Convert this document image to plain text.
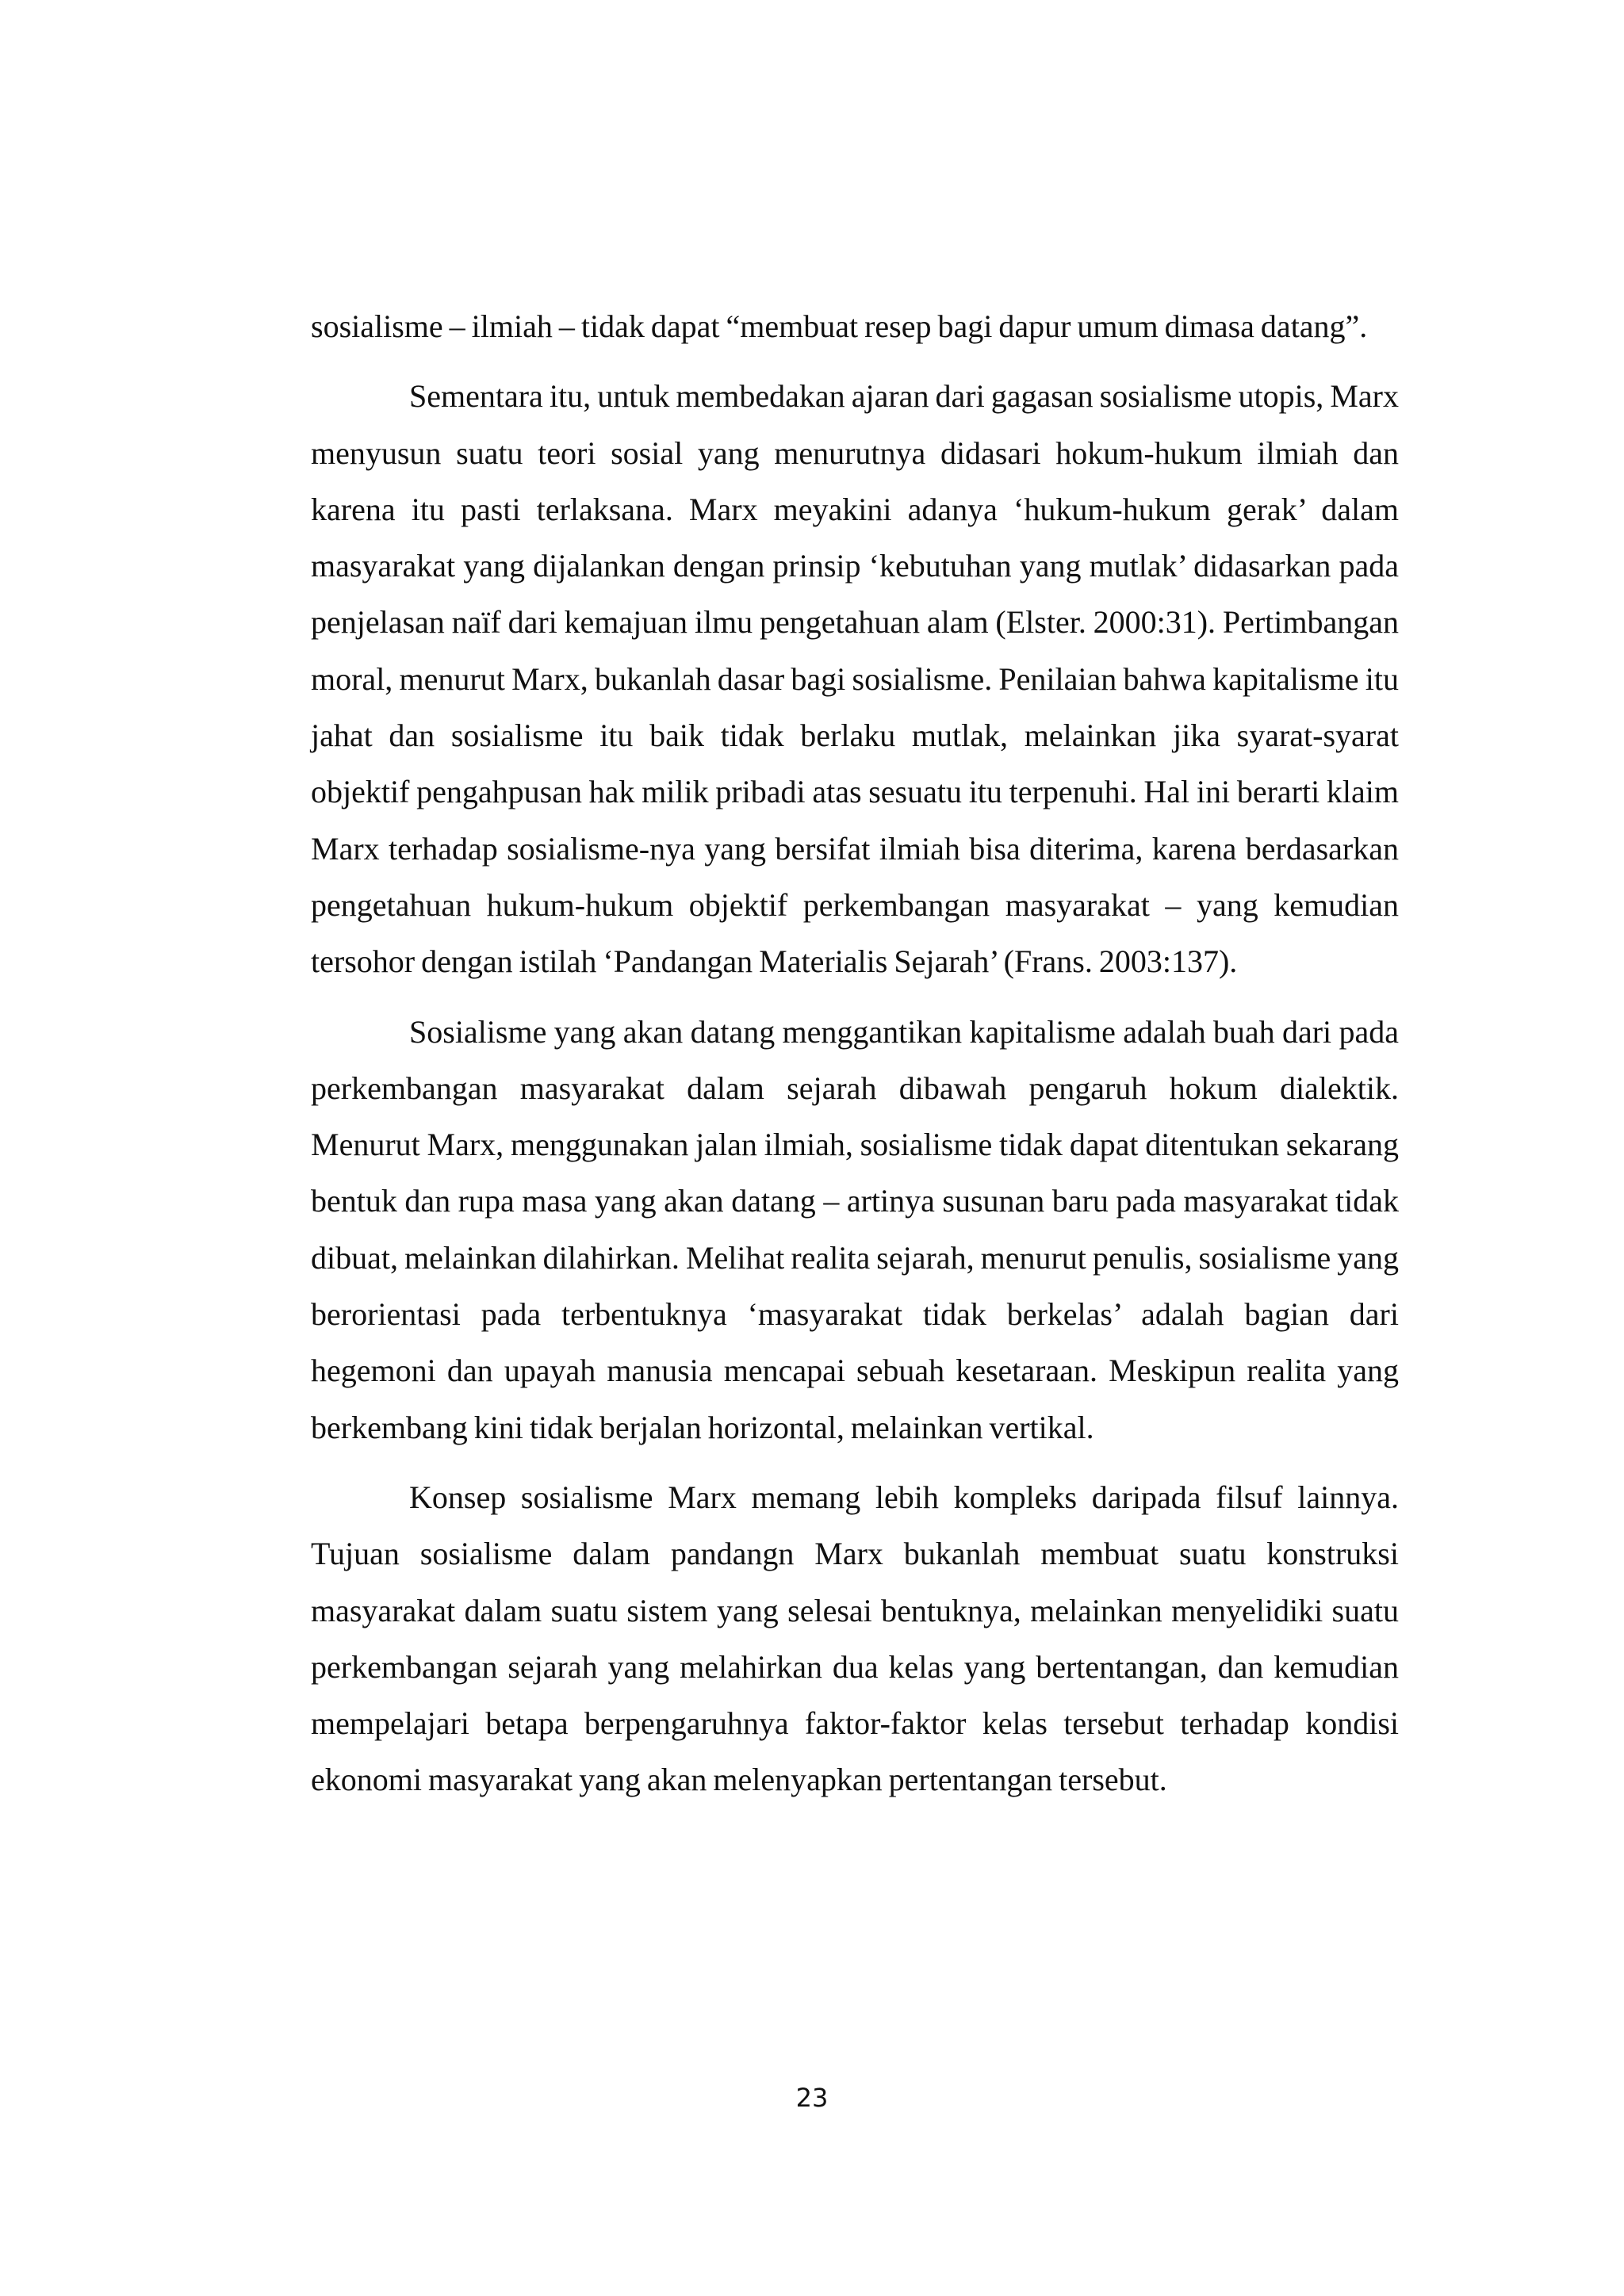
sosialisme – ilmiah – tidak dapat “membuat resep bagi dapur umum dimasa datang”.

Sementara itu, untuk membedakan ajaran dari gagasan sosialisme utopis, Marx menyusun suatu teori sosial yang menurutnya didasari hokum-hukum ilmiah dan karena itu pasti terlaksana. Marx meyakini adanya ‘hukum-hukum gerak’ dalam masyarakat yang dijalankan dengan prinsip ‘kebutuhan yang mutlak’ didasarkan pada penjelasan naïf dari kemajuan ilmu pengetahuan alam (Elster. 2000:31). Pertimbangan moral, menurut Marx, bukanlah dasar bagi sosialisme. Penilaian bahwa kapitalisme itu jahat dan sosialisme itu baik tidak berlaku mutlak, melainkan jika syarat-syarat objektif pengahpusan hak milik pribadi atas sesuatu itu terpenuhi. Hal ini berarti klaim Marx terhadap sosialisme-nya yang bersifat ilmiah bisa diterima, karena berdasarkan pengetahuan hukum-hukum objektif perkembangan masyarakat – yang kemudian tersohor dengan istilah ‘Pandangan Materialis Sejarah’ (Frans. 2003:137).

Sosialisme yang akan datang menggantikan kapitalisme adalah buah dari pada perkembangan masyarakat dalam sejarah dibawah pengaruh hokum dialektik. Menurut Marx, menggunakan jalan ilmiah, sosialisme tidak dapat ditentukan sekarang bentuk dan rupa masa yang akan datang – artinya susunan baru pada masyarakat tidak dibuat, melainkan dilahirkan. Melihat realita sejarah, menurut penulis, sosialisme yang berorientasi pada terbentuknya ‘masyarakat tidak berkelas’ adalah bagian dari hegemoni dan upayah manusia mencapai sebuah kesetaraan. Meskipun realita yang berkembang kini tidak berjalan horizontal, melainkan vertikal.

Konsep sosialisme Marx memang lebih kompleks daripada filsuf lainnya. Tujuan sosialisme dalam pandangn Marx bukanlah membuat suatu konstruksi masyarakat dalam suatu sistem yang selesai bentuknya, melainkan menyelidiki suatu perkembangan sejarah yang melahirkan dua kelas yang bertentangan, dan kemudian mempelajari betapa berpengaruhnya faktor-faktor kelas tersebut terhadap kondisi ekonomi masyarakat yang akan melenyapkan pertentangan tersebut.

23
